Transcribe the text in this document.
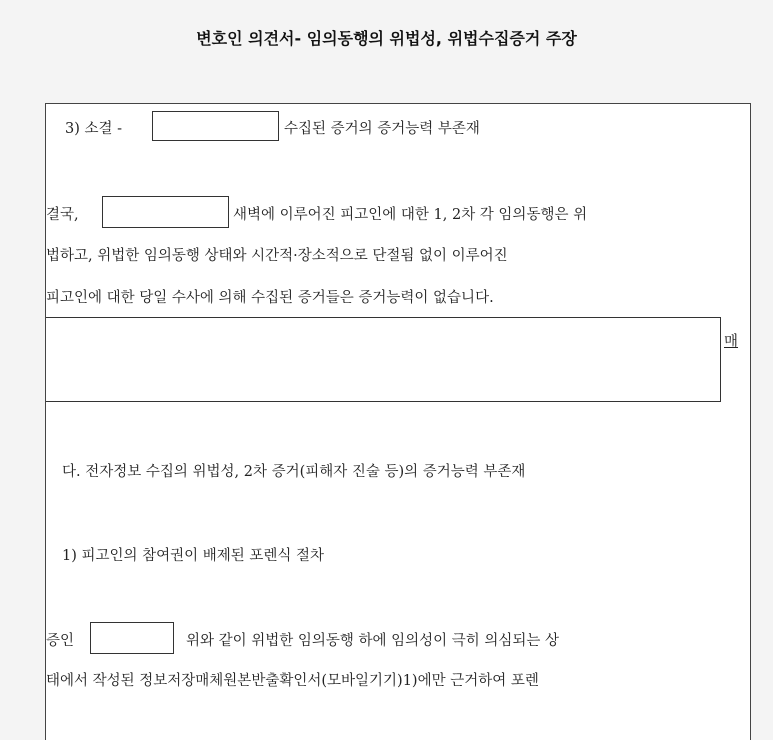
변호인 의견서- 임의동행의 위법성, 위법수집증거 주장
3) 소결 -	수집된 증거의 증거능력 부존재
결국,	새벽에 이루어진 피고인에 대한 1, 2차 각 임의동행은 위
법하고, 위법한 임의동행 상태와 시간적·장소적으로 단절됨 없이 이루어진
피고인에 대한 당일 수사에 의해 수집된 증거들은 증거능력이 없습니다.
매
다. 전자정보 수집의 위법성, 2차 증거(피해자 진술 등)의 증거능력 부존재
1) 피고인의 참여권이 배제된 포렌식 절차
증인	위와 같이 위법한 임의동행 하에 임의성이 극히 의심되는 상
태에서 작성된 정보저장매체원본반출확인서(모바일기기)1)에만 근거하여 포렌
